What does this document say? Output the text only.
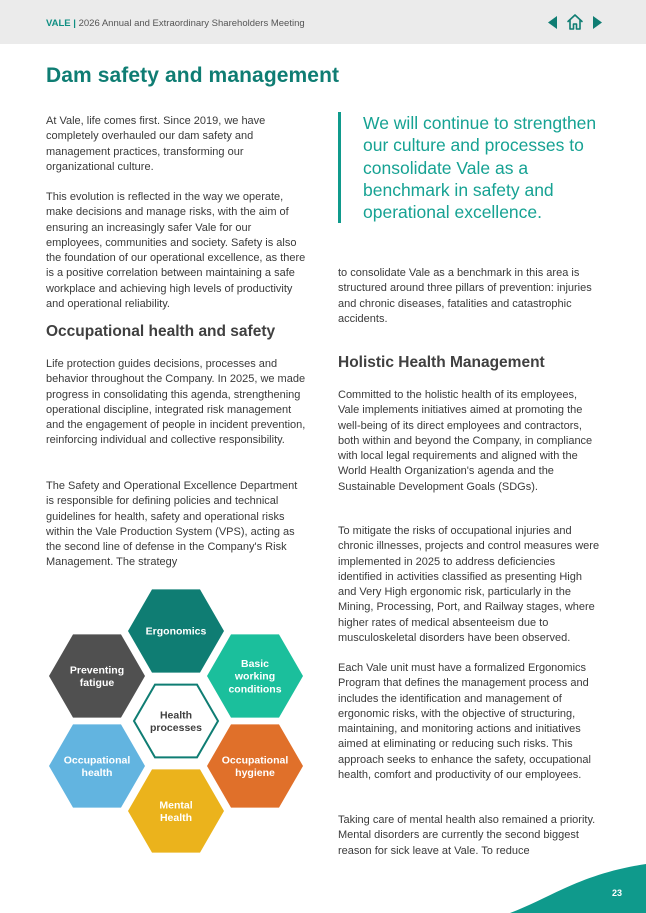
VALE | 2026 Annual and Extraordinary Shareholders Meeting
Dam safety and management

At Vale, life comes first. Since 2019, we have completely overhauled our dam safety and management practices, transforming our organizational culture.

This evolution is reflected in the way we operate, make decisions and manage risks, with the aim of ensuring an increasingly safer Vale for our employees, communities and society. Safety is also the foundation of our operational excellence, as there is a positive correlation between maintaining a safe workplace and achieving high levels of productivity and operational reliability.

Occupational health and safety

Life protection guides decisions, processes and behavior throughout the Company. In 2025, we made progress in consolidating this agenda, strengthening operational discipline, integrated risk management and the engagement of people in incident prevention, reinforcing individual and collective responsibility.

The Safety and Operational Excellence Department is responsible for defining policies and technical guidelines for health, safety and operational risks within the Vale Production System (VPS), acting as the second line of defense in the Company's Risk Management. The strategy

We will continue to strengthen our culture and processes to consolidate Vale as a benchmark in safety and operational excellence.

to consolidate Vale as a benchmark in this area is structured around three pillars of prevention: injuries and chronic diseases, fatalities and catastrophic accidents.

Holistic Health Management

Committed to the holistic health of its employees, Vale implements initiatives aimed at promoting the well-being of its direct employees and contractors, both within and beyond the Company, in compliance with local legal requirements and aligned with the World Health Organization's agenda and the Sustainable Development Goals (SDGs).

To mitigate the risks of occupational injuries and chronic illnesses, projects and control measures were implemented in 2025 to address deficiencies identified in activities classified as presenting High and Very High ergonomic risk, particularly in the Mining, Processing, Port, and Railway stages, where higher rates of medical absenteeism due to musculoskeletal disorders have been observed.

Each Vale unit must have a formalized Ergonomics Program that defines the management process and includes the identification and management of ergonomic risks, with the objective of structuring, maintaining, and monitoring actions and initiatives aimed at eliminating or reducing such risks. This approach seeks to enhance the safety, occupational health, comfort and productivity of our employees.

Taking care of mental health also remained a priority. Mental disorders are currently the second biggest reason for sick leave at Vale. To reduce

Ergonomics
Basic working conditions
Occupational hygiene
Mental Health
Occupational health
Preventing fatigue
Health processes
23
